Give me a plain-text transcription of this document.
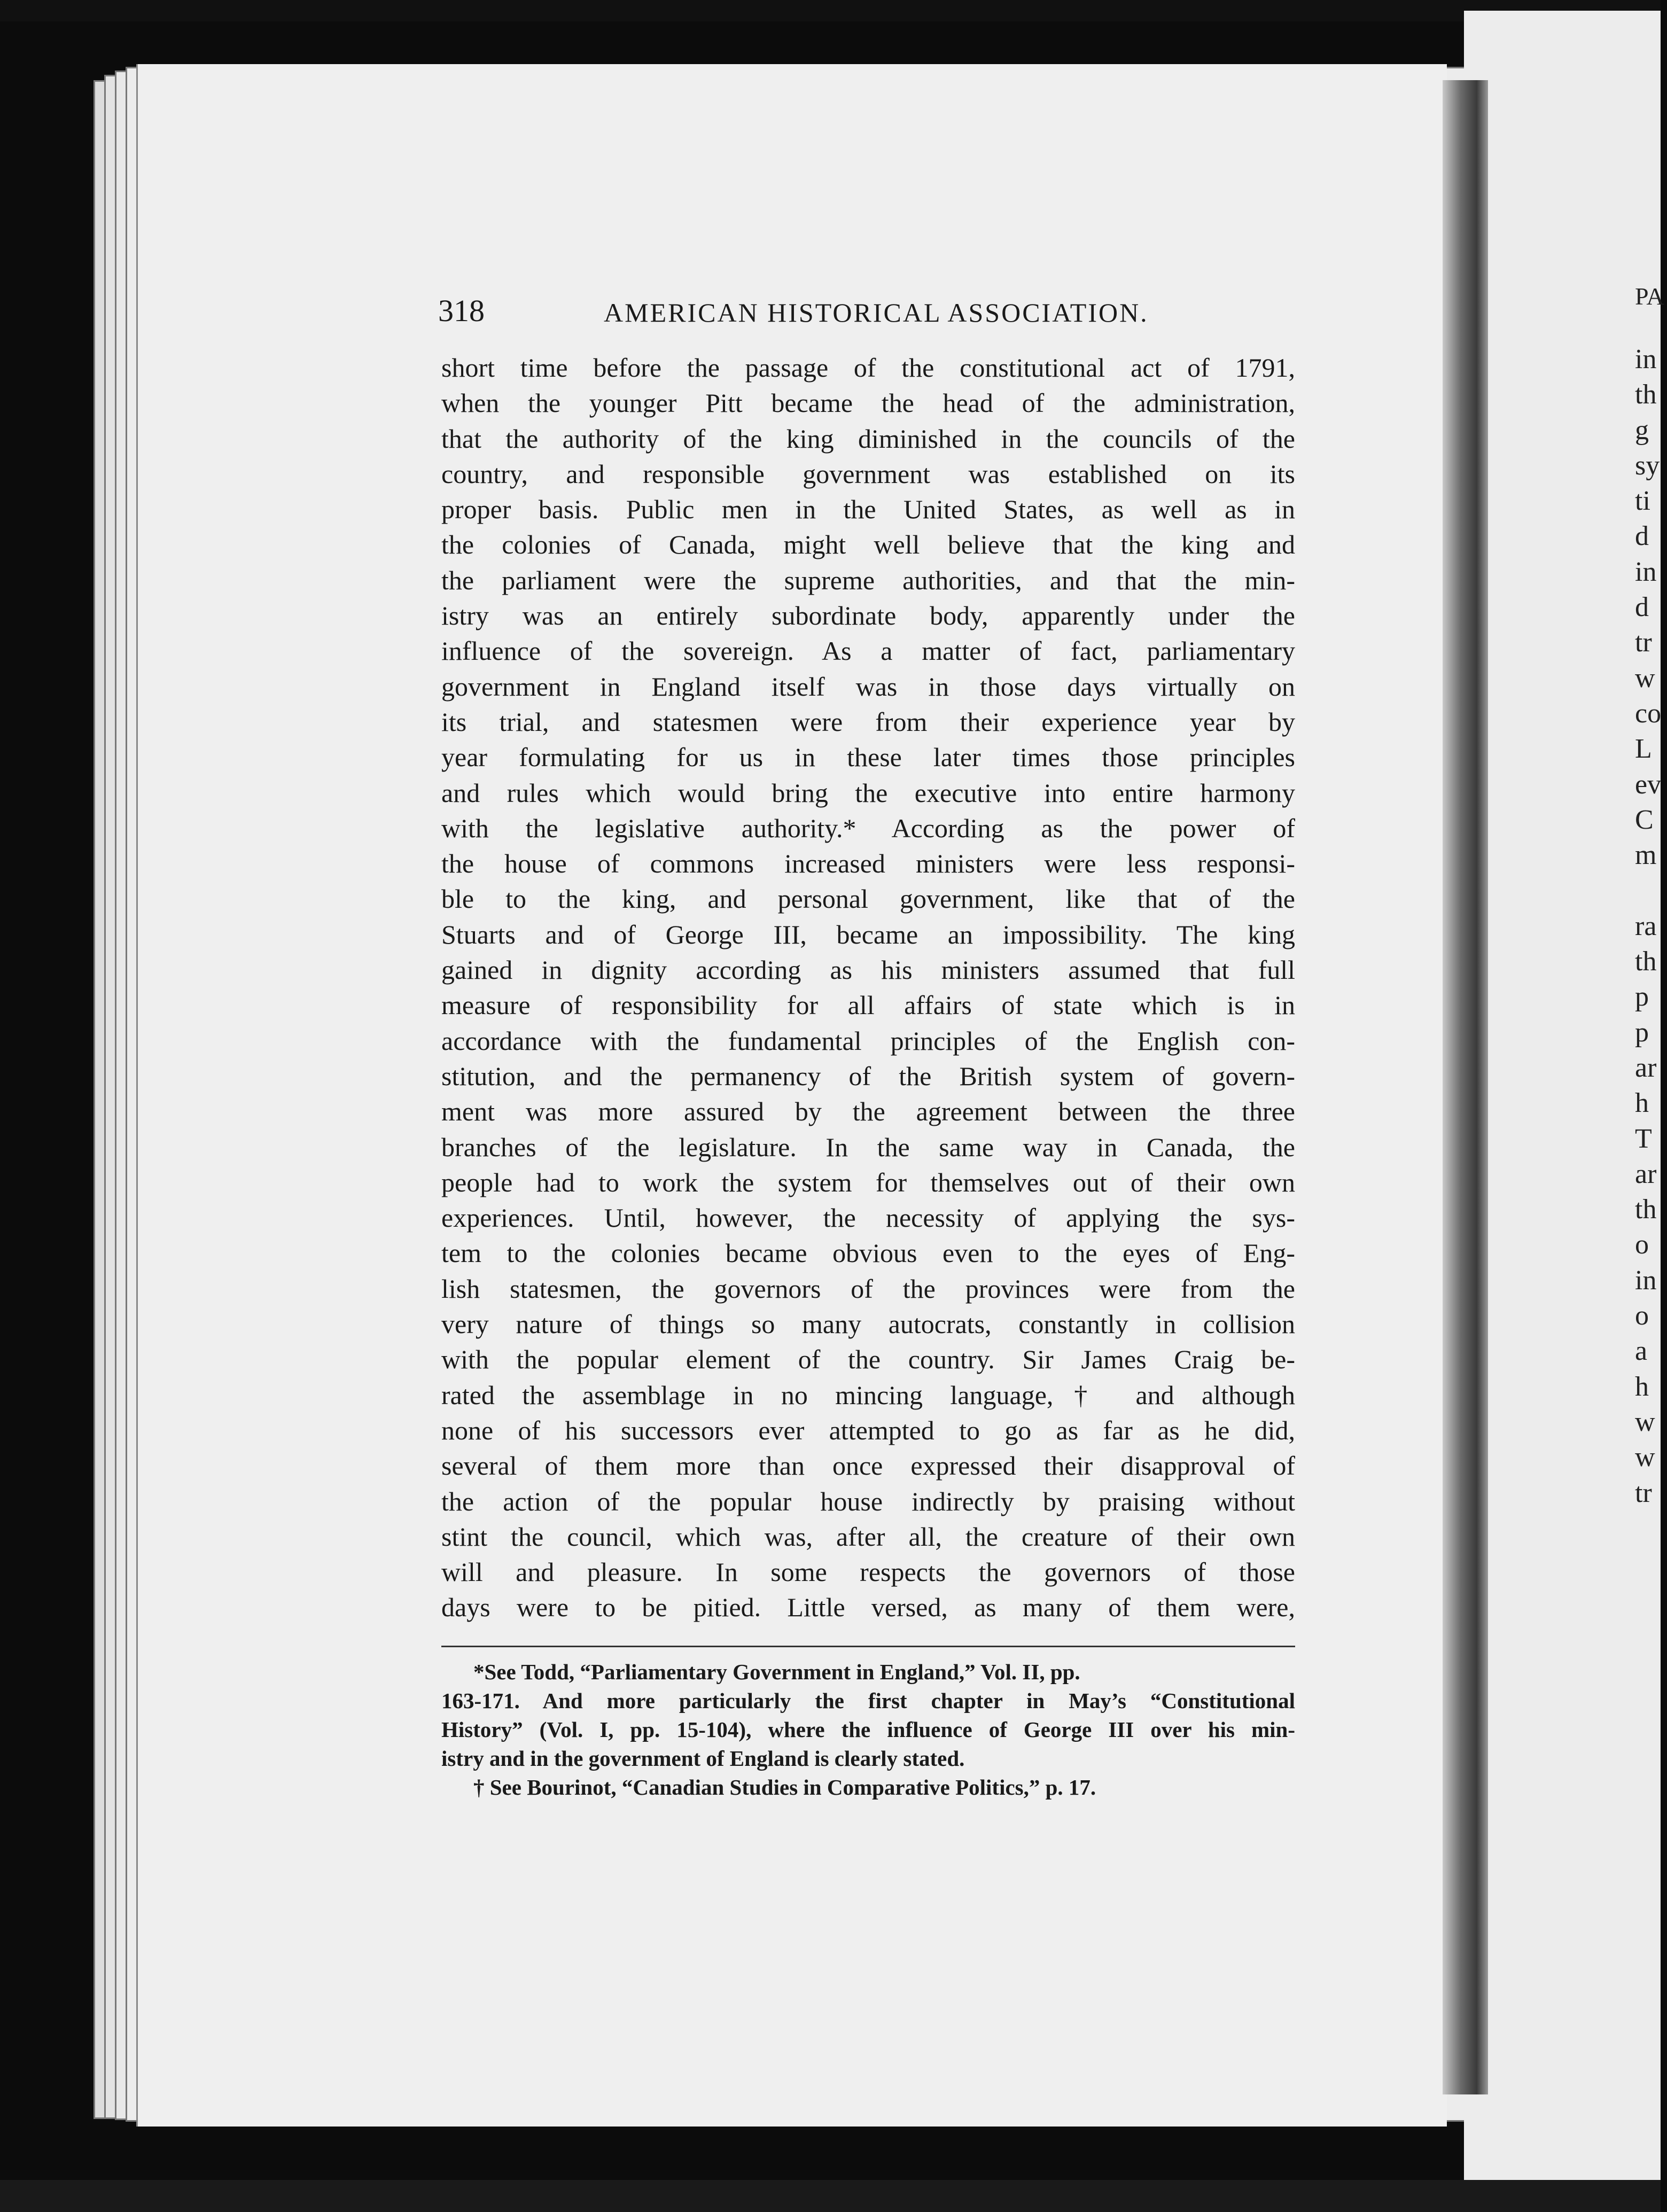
PA
in
th
g
sy
ti
d
in
d
tr
w
co
L
ev
C
m
ra
th
p
p
ar
h
T
ar
th
o
in
o
a
h
w
w
tr
318	AMERICAN HISTORICAL ASSOCIATION.
short time before the passage of the constitutional act of 1791,
when the younger Pitt became the head of the administration,
that the authority of the king diminished in the councils of the
country, and responsible government was established on its
proper basis. Public men in the United States, as well as in
the colonies of Canada, might well believe that the king and
the parliament were the supreme authorities, and that the min-
istry was an entirely subordinate body, apparently under the
influence of the sovereign. As a matter of fact, parliamentary
government in England itself was in those days virtually on
its trial, and statesmen were from their experience year by
year formulating for us in these later times those principles
and rules which would bring the executive into entire harmony
with the legislative authority.* According as the power of
the house of commons increased ministers were less responsi-
ble to the king, and personal government, like that of the
Stuarts and of George III, became an impossibility. The king
gained in dignity according as his ministers assumed that full
measure of responsibility for all affairs of state which is in
accordance with the fundamental principles of the English con-
stitution, and the permanency of the British system of govern-
ment was more assured by the agreement between the three
branches of the legislature. In the same way in Canada, the
people had to work the system for themselves out of their own
experiences. Until, however, the necessity of applying the sys-
tem to the colonies became obvious even to the eyes of Eng-
lish statesmen, the governors of the provinces were from the
very nature of things so many autocrats, constantly in collision
with the popular element of the country. Sir James Craig be-
rated the assemblage in no mincing language,† and although
none of his successors ever attempted to go as far as he did,
several of them more than once expressed their disapproval of
the action of the popular house indirectly by praising without
stint the council, which was, after all, the creature of their own
will and pleasure. In some respects the governors of those
days were to be pitied. Little versed, as many of them were,
*See Todd, “Parliamentary Government in England,” Vol. II, pp.
163-171. And more particularly the first chapter in May’s “Constitutional
History” (Vol. I, pp. 15-104), where the influence of George III over his min-
istry and in the government of England is clearly stated.
† See Bourinot, “Canadian Studies in Comparative Politics,” p. 17.
